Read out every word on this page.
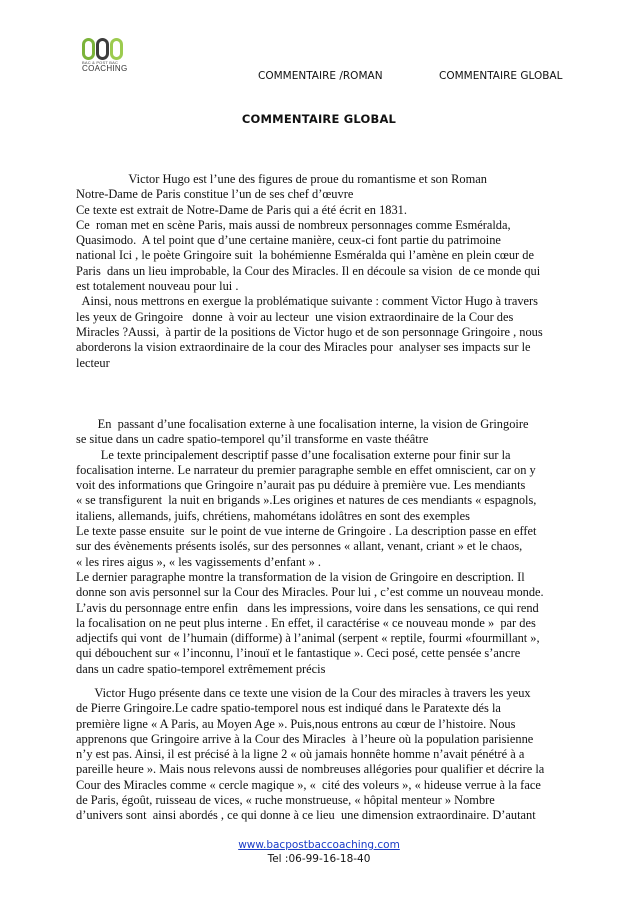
BAC & POST BAC
COACHING
COMMENTAIRE /ROMAN	COMMENTAIRE GLOBAL
COMMENTAIRE GLOBAL

Victor Hugo est l’une des figures de proue du romantisme et son Roman

Notre-Dame de Paris constitue l’un de ses chef d’œuvre

Ce texte est extrait de Notre-Dame de Paris qui a été écrit en 1831.

Ce  roman met en scène Paris, mais aussi de nombreux personnages comme Esméralda,

Quasimodo.  A tel point que d’une certaine manière, ceux-ci font partie du patrimoine

national Ici , le poète Gringoire suit  la bohémienne Esméralda qui l’amène en plein cœur de

Paris  dans un lieu improbable, la Cour des Miracles. Il en découle sa vision  de ce monde qui

est totalement nouveau pour lui .

Ainsi, nous mettrons en exergue la problématique suivante : comment Victor Hugo à travers

les yeux de Gringoire   donne  à voir au lecteur  une vision extraordinaire de la Cour des

Miracles ?Aussi,  à partir de la positions de Victor hugo et de son personnage Gringoire , nous

aborderons la vision extraordinaire de la cour des Miracles pour  analyser ses impacts sur le

lecteur

En  passant d’une focalisation externe à une focalisation interne, la vision de Gringoire

se situe dans un cadre spatio-temporel qu’il transforme en vaste théâtre

Le texte principalement descriptif passe d’une focalisation externe pour finir sur la

focalisation interne. Le narrateur du premier paragraphe semble en effet omniscient, car on y

voit des informations que Gringoire n’aurait pas pu déduire à première vue. Les mendiants

« se transfigurent  la nuit en brigands ».Les origines et natures de ces mendiants « espagnols,

italiens, allemands, juifs, chrétiens, mahométans idolâtres en sont des exemples

Le texte passe ensuite  sur le point de vue interne de Gringoire . La description passe en effet

sur des évènements présents isolés, sur des personnes « allant, venant, criant » et le chaos,

« les rires aigus », « les vagissements d’enfant » .

Le dernier paragraphe montre la transformation de la vision de Gringoire en description. Il

donne son avis personnel sur la Cour des Miracles. Pour lui , c’est comme un nouveau monde.

L’avis du personnage entre enfin   dans les impressions, voire dans les sensations, ce qui rend

la focalisation on ne peut plus interne . En effet, il caractérise « ce nouveau monde »  par des

adjectifs qui vont  de l’humain (difforme) à l’animal (serpent « reptile, fourmi «fourmillant »,

qui débouchent sur « l’inconnu, l’inouï et le fantastique ». Ceci posé, cette pensée s’ancre

dans un cadre spatio-temporel extrêmement précis

Victor Hugo présente dans ce texte une vision de la Cour des miracles à travers les yeux

de Pierre Gringoire.Le cadre spatio-temporel nous est indiqué dans le Paratexte dés la

première ligne « A Paris, au Moyen Age ». Puis,nous entrons au cœur de l’histoire. Nous

apprenons que Gringoire arrive à la Cour des Miracles  à l’heure où la population parisienne

n’y est pas. Ainsi, il est précisé à la ligne 2 « où jamais honnête homme n’avait pénétré à a

pareille heure ». Mais nous relevons aussi de nombreuses allégories pour qualifier et décrire la

Cour des Miracles comme « cercle magique », «  cité des voleurs », « hideuse verrue à la face

de Paris, égoût, ruisseau de vices, « ruche monstrueuse, « hôpital menteur » Nombre

d’univers sont  ainsi abordés , ce qui donne à ce lieu  une dimension extraordinaire. D’autant

www.bacpostbaccoaching.com
Tel :06-99-16-18-40
